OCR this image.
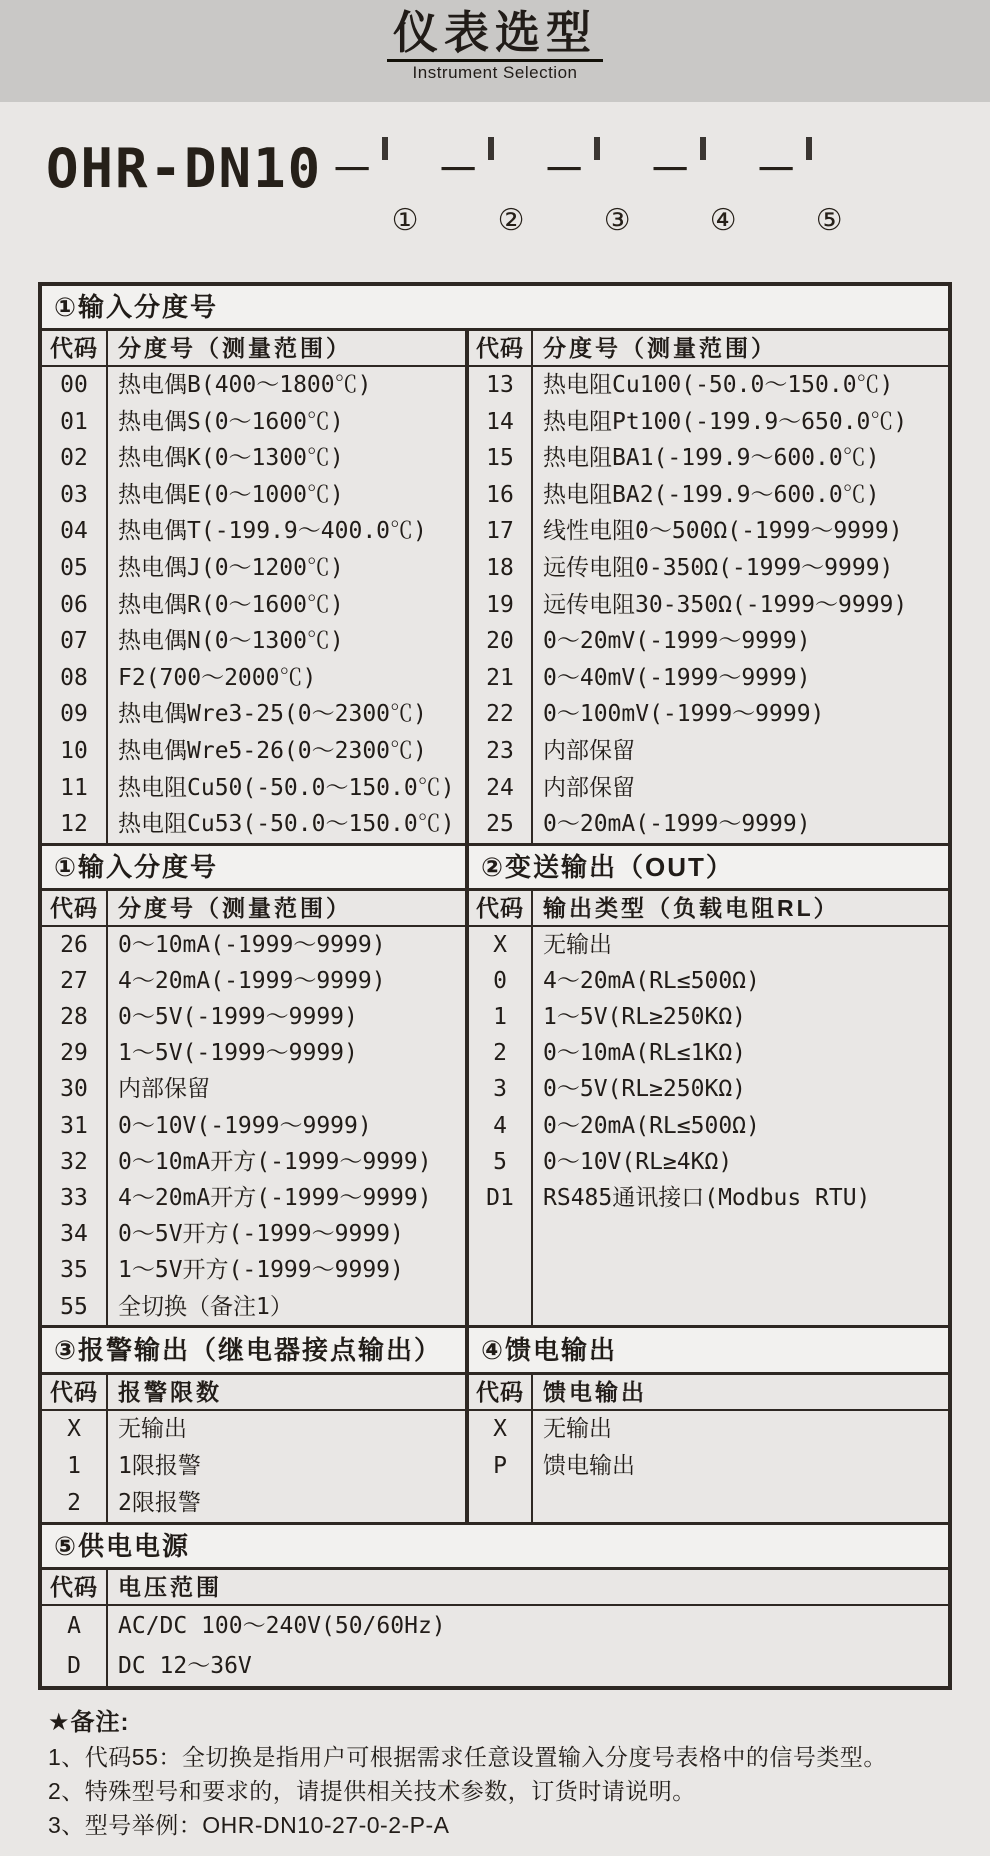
仪表选型
Instrument Selection
OHR-DN10 －
①
－
②
－
③
－
④
－
⑤
①输入分度号
代码 分度号（测量范围）
00	热电偶B(400～1800℃)
01	热电偶S(0～1600℃)
02	热电偶K(0～1300℃)
03	热电偶E(0～1000℃)
04	热电偶T(-199.9～400.0℃)
05	热电偶J(0～1200℃)
06	热电偶R(0～1600℃)
07	热电偶N(0～1300℃)
08	F2(700～2000℃)
09	热电偶Wre3-25(0～2300℃)
10	热电偶Wre5-26(0～2300℃)
11	热电阻Cu50(-50.0～150.0℃)
12	热电阻Cu53(-50.0～150.0℃)
代码 分度号（测量范围）
13	热电阻Cu100(-50.0～150.0℃)
14	热电阻Pt100(-199.9～650.0℃)
15	热电阻BA1(-199.9～600.0℃)
16	热电阻BA2(-199.9～600.0℃)
17	线性电阻0～500Ω(-1999～9999)
18	远传电阻0-350Ω(-1999～9999)
19	远传电阻30-350Ω(-1999～9999)
20	0～20mV(-1999～9999)
21	0～40mV(-1999～9999)
22	0～100mV(-1999～9999)
23	内部保留
24	内部保留
25	0～20mA(-1999～9999)
①输入分度号	②变送输出（OUT）
代码 分度号（测量范围）
26	0～10mA(-1999～9999)
27	4～20mA(-1999～9999)
28	0～5V(-1999～9999)
29	1～5V(-1999～9999)
30	内部保留
31	0～10V(-1999～9999)
32	0～10mA开方(-1999～9999)
33	4～20mA开方(-1999～9999)
34	0～5V开方(-1999～9999)
35	1～5V开方(-1999～9999)
55	全切换（备注1）
代码 输出类型（负载电阻RL）
X	无输出
0	4～20mA(RL≤500Ω)
1	1～5V(RL≥250KΩ)
2	0～10mA(RL≤1KΩ)
3	0～5V(RL≥250KΩ)
4	0～20mA(RL≤500Ω)
5	0～10V(RL≥4KΩ)
D1	RS485通讯接口(Modbus RTU)
③报警输出（继电器接点输出）	④馈电输出
代码 报警限数
X	无输出
1	1限报警
2	2限报警
代码 馈电输出
X	无输出
P	馈电输出
⑤供电电源
代码 电压范围
A	AC/DC 100～240V(50/60Hz)
D	DC 12～36V
★备注:
1、代码55：全切换是指用户可根据需求任意设置输入分度号表格中的信号类型。
2、特殊型号和要求的，请提供相关技术参数，订货时请说明。
3、型号举例：OHR-DN10-27-0-2-P-A
